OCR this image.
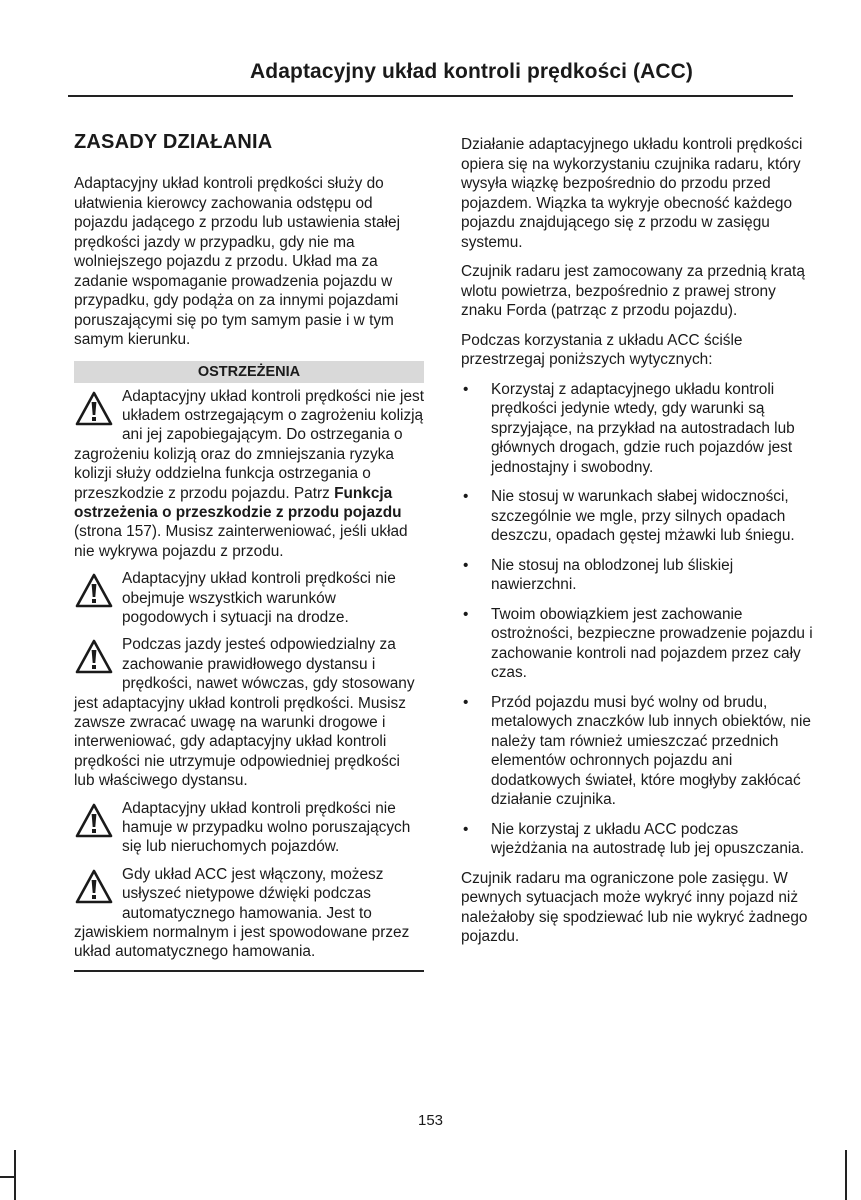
Adaptacyjny układ kontroli prędkości (ACC)
ZASADY DZIAŁANIA

Adaptacyjny układ kontroli prędkości służy do ułatwienia kierowcy zachowania odstępu od pojazdu jadącego z przodu lub ustawienia stałej prędkości jazdy w przypadku, gdy nie ma wolniejszego pojazdu z przodu. Układ ma za zadanie wspomaganie prowadzenia pojazdu w przypadku, gdy podąża on za innymi pojazdami poruszającymi się po tym samym pasie i w tym samym kierunku.

OSTRZEŻENIA
Adaptacyjny układ kontroli prędkości nie jest układem ostrzegającym o zagrożeniu kolizją ani jej zapobiegającym. Do ostrzegania o zagrożeniu kolizją oraz do zmniejszania ryzyka kolizji służy oddzielna funkcja ostrzegania o przeszkodzie z przodu pojazdu. Patrz Funkcja ostrzeżenia o przeszkodzie z przodu pojazdu (strona 157). Musisz zainterweniować, jeśli układ nie wykrywa pojazdu z przodu.
Adaptacyjny układ kontroli prędkości nie obejmuje wszystkich warunków pogodowych i sytuacji na drodze.
Podczas jazdy jesteś odpowiedzialny za zachowanie prawidłowego dystansu i prędkości, nawet wówczas, gdy stosowany jest adaptacyjny układ kontroli prędkości. Musisz zawsze zwracać uwagę na warunki drogowe i interweniować, gdy adaptacyjny układ kontroli prędkości nie utrzymuje odpowiedniej prędkości lub właściwego dystansu.
Adaptacyjny układ kontroli prędkości nie hamuje w przypadku wolno poruszających się lub nieruchomych pojazdów.
Gdy układ ACC jest włączony, możesz usłyszeć nietypowe dźwięki podczas automatycznego hamowania. Jest to zjawiskiem normalnym i jest spowodowane przez układ automatycznego hamowania.

Działanie adaptacyjnego układu kontroli prędkości opiera się na wykorzystaniu czujnika radaru, który wysyła wiązkę bezpośrednio do przodu przed pojazdem. Wiązka ta wykryje obecność każdego pojazdu znajdującego się z przodu w zasięgu systemu.

Czujnik radaru jest zamocowany za przednią kratą wlotu powietrza, bezpośrednio z prawej strony znaku Forda (patrząc z przodu pojazdu).

Podczas korzystania z układu ACC ściśle przestrzegaj poniższych wytycznych:

• Korzystaj z adaptacyjnego układu kontroli prędkości jedynie wtedy, gdy warunki są sprzyjające, na przykład na autostradach lub głównych drogach, gdzie ruch pojazdów jest jednostajny i swobodny.
• Nie stosuj w warunkach słabej widoczności, szczególnie we mgle, przy silnych opadach deszczu, opadach gęstej mżawki lub śniegu.
• Nie stosuj na oblodzonej lub śliskiej nawierzchni.
• Twoim obowiązkiem jest zachowanie ostrożności, bezpieczne prowadzenie pojazdu i zachowanie kontroli nad pojazdem przez cały czas.
• Przód pojazdu musi być wolny od brudu, metalowych znaczków lub innych obiektów, nie należy tam również umieszczać przednich elementów ochronnych pojazdu ani dodatkowych świateł, które mogłyby zakłócać działanie czujnika.
• Nie korzystaj z układu ACC podczas wjeżdżania na autostradę lub jej opuszczania.

Czujnik radaru ma ograniczone pole zasięgu. W pewnych sytuacjach może wykryć inny pojazd niż należałoby się spodziewać lub nie wykryć żadnego pojazdu.

153
